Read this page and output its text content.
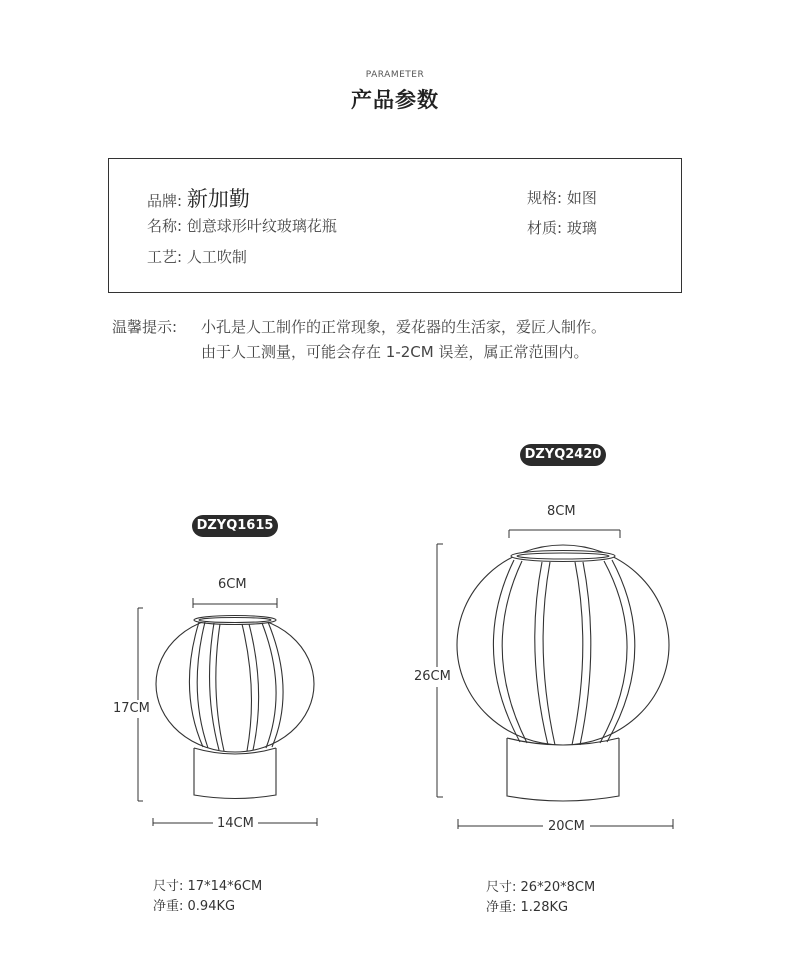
PARAMETER
产品参数
品牌: 新加勤
名称: 创意球形叶纹玻璃花瓶
工艺: 人工吹制
规格: 如图
材质: 玻璃
温馨提示: 小孔是人工制作的正常现象，爱花器的生活家，爱匠人制作。
由于人工测量，可能会存在 1-2CM 误差，属正常范围内。
DZYQ1615
DZYQ2420
6CM
17CM
14CM
8CM
26CM
20CM
尺寸: 17*14*6CM
净重: 0.94KG
尺寸: 26*20*8CM
净重: 1.28KG
